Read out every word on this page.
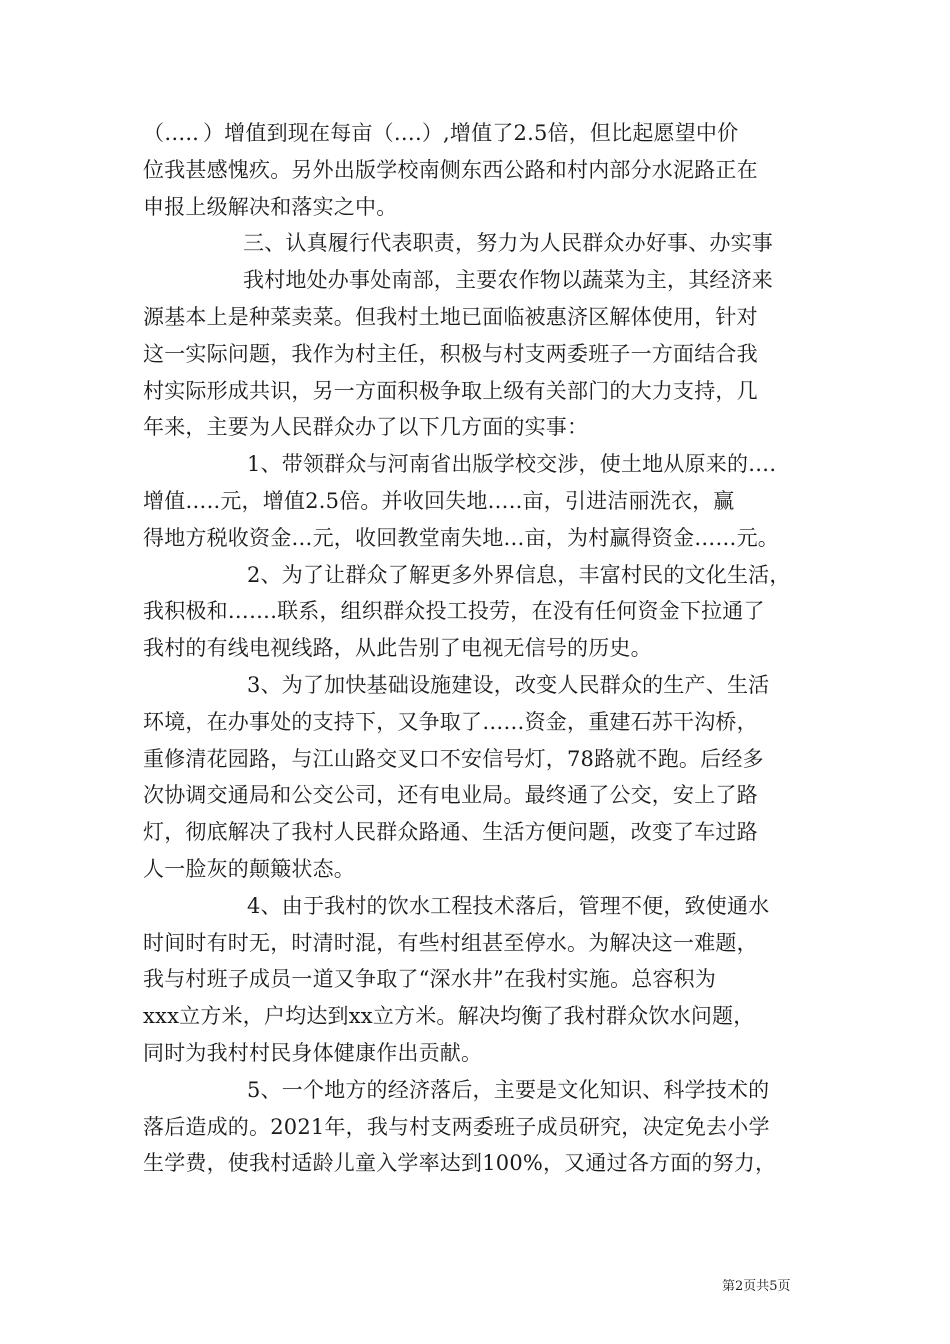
（….．）增值到现在每亩（….）,增值了2.5倍，但比起愿望中价
位我甚感愧疚。另外出版学校南侧东西公路和村内部分水泥路正在
申报上级解决和落实之中。

三、认真履行代表职责，努力为人民群众办好事、办实事

我村地处办事处南部，主要农作物以蔬菜为主，其经济来
源基本上是种菜卖菜。但我村土地已面临被惠济区解体使用，针对
这一实际问题，我作为村主任，积极与村支两委班子一方面结合我
村实际形成共识，另一方面积极争取上级有关部门的大力支持，几
年来，主要为人民群众办了以下几方面的实事：

1、带领群众与河南省出版学校交涉，使土地从原来的….
增值…..元，增值2.5倍。并收回失地…..亩，引进洁丽洗衣，赢
得地方税收资金…元，收回教堂南失地…亩，为村赢得资金……元。

2、为了让群众了解更多外界信息，丰富村民的文化生活，
我积极和…….联系，组织群众投工投劳，在没有任何资金下拉通了
我村的有线电视线路，从此告别了电视无信号的历史。

3、为了加快基础设施建设，改变人民群众的生产、生活
环境，在办事处的支持下，又争取了……资金，重建石苏干沟桥，
重修清花园路，与江山路交叉口不安信号灯，78路就不跑。后经多
次协调交通局和公交公司，还有电业局。最终通了公交，安上了路
灯，彻底解决了我村人民群众路通、生活方便问题，改变了车过路
人一脸灰的颠簸状态。

4、由于我村的饮水工程技术落后，管理不便，致使通水
时间时有时无，时清时混，有些村组甚至停水。为解决这一难题，
我与村班子成员一道又争取了“深水井”在我村实施。总容积为
xxx立方米，户均达到xx立方米。解决均衡了我村群众饮水问题，
同时为我村村民身体健康作出贡献。

5、一个地方的经济落后，主要是文化知识、科学技术的
落后造成的。2021年，我与村支两委班子成员研究，决定免去小学
生学费，使我村适龄儿童入学率达到100%，又通过各方面的努力，

第2页共5页
